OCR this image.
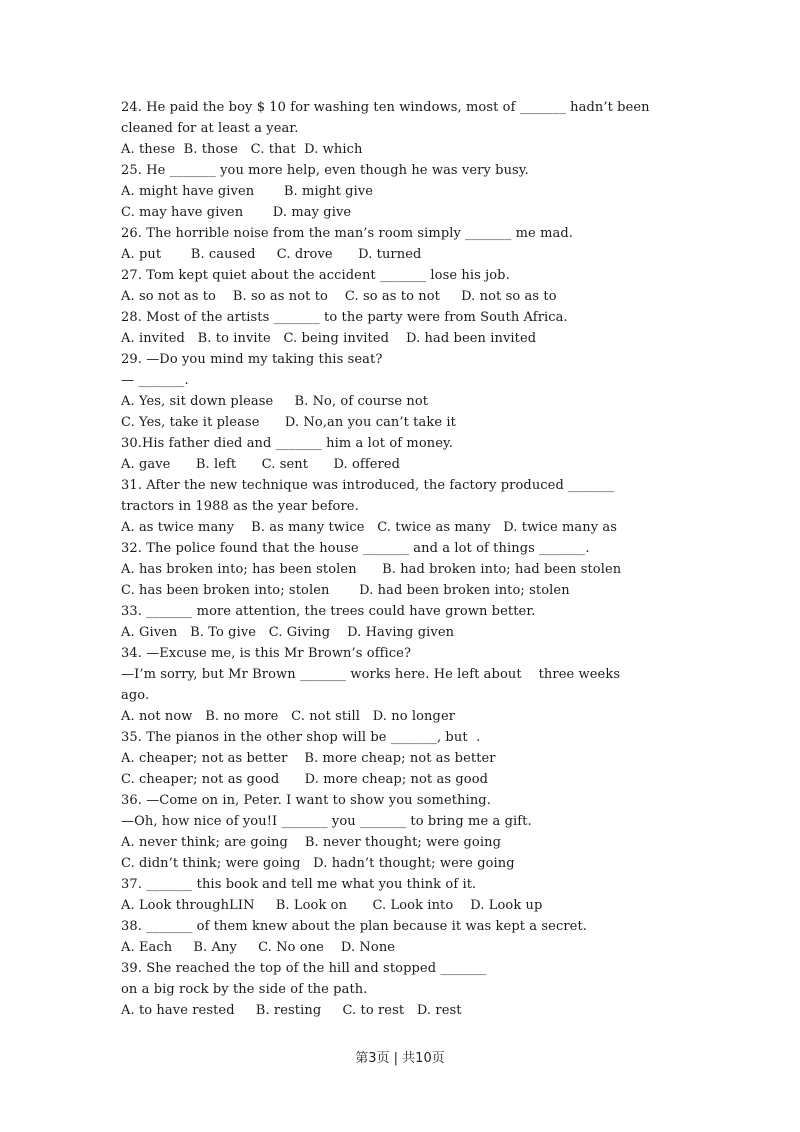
24. He paid the boy $ 10 for washing ten windows, most of _______ hadn’t been
cleaned for at least a year.
A. these  B. those   C. that  D. which
25. He _______ you more help, even though he was very busy.
A. might have given       B. might give
C. may have given       D. may give
26. The horrible noise from the man’s room simply _______ me mad.
A. put       B. caused     C. drove      D. turned
27. Tom kept quiet about the accident _______ lose his job.
A. so not as to    B. so as not to    C. so as to not     D. not so as to
28. Most of the artists _______ to the party were from South Africa.
A. invited   B. to invite   C. being invited    D. had been invited
29. —Do you mind my taking this seat?
— _______.
A. Yes, sit down please     B. No, of course not
C. Yes, take it please      D. No,an you can’t take it
30.His father died and _______ him a lot of money.
A. gave      B. left      C. sent      D. offered
31. After the new technique was introduced, the factory produced _______
tractors in 1988 as the year before.
A. as twice many    B. as many twice   C. twice as many   D. twice many as
32. The police found that the house _______ and a lot of things _______.
A. has broken into; has been stolen      B. had broken into; had been stolen
C. has been broken into; stolen       D. had been broken into; stolen
33. _______ more attention, the trees could have grown better.
A. Given   B. To give   C. Giving    D. Having given
34. —Excuse me, is this Mr Brown’s office?
—I’m sorry, but Mr Brown _______ works here. He left about    three weeks
ago.
A. not now   B. no more   C. not still   D. no longer
35. The pianos in the other shop will be _______, but  .
A. cheaper; not as better    B. more cheap; not as better
C. cheaper; not as good      D. more cheap; not as good
36. —Come on in, Peter. I want to show you something.
—Oh, how nice of you!I _______ you _______ to bring me a gift.
A. never think; are going    B. never thought; were going
C. didn’t think; were going   D. hadn’t thought; were going
37. _______ this book and tell me what you think of it.
A. Look throughLIN     B. Look on      C. Look into    D. Look up
38. _______ of them knew about the plan because it was kept a secret.
A. Each     B. Any     C. No one    D. None
39. She reached the top of the hill and stopped _______
on a big rock by the side of the path.
A. to have rested     B. resting     C. to rest   D. rest
第3页 | 共10页
